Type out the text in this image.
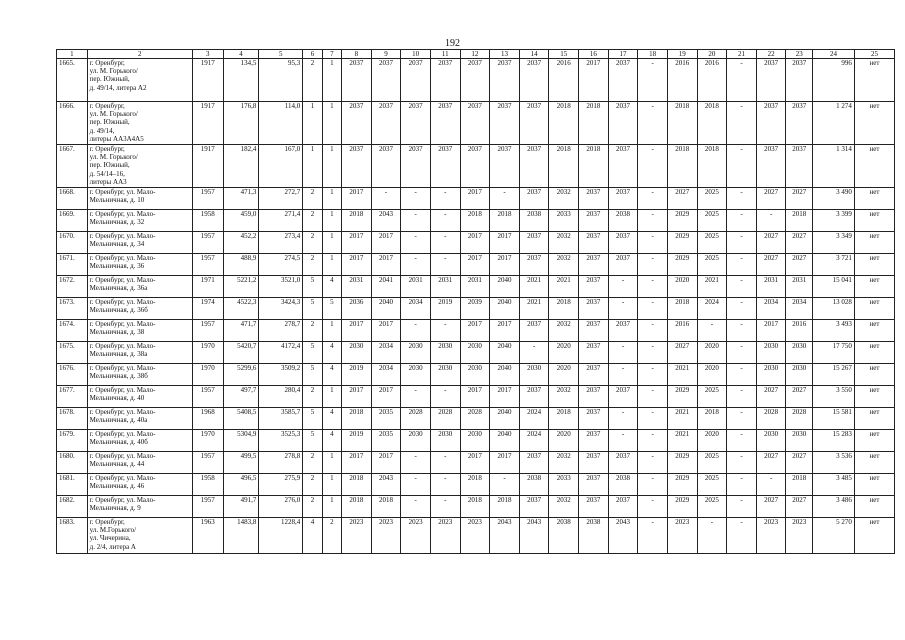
192
1	2	3	4	5	6	7	8	9	10	11	12	13	14	15	16	17	18	19	20	21	22	23	24	25
1665.	г. Оренбург,
ул. М. Горького/
пер. Южный,
д. 49/14, литера А2	1917	134,5	95,3	2	1	2037	2037	2037	2037	2037	2037	2037	2016	2017	2037	-	2016	2016	-	2037	2037	996	нет
1666.	г. Оренбург,
ул. М. Горького/
пер. Южный,
д. 49/14,
литеры АА3А4А5	1917	176,8	114,0	1	1	2037	2037	2037	2037	2037	2037	2037	2018	2018	2037	-	2018	2018	-	2037	2037	1 274	нет
1667.	г. Оренбург,
ул. М. Горького/
пер. Южный,
д. 54/14–16,
литеры АА3	1917	182,4	167,0	1	1	2037	2037	2037	2037	2037	2037	2037	2018	2018	2037	-	2018	2018	-	2037	2037	1 314	нет
1668.	г. Оренбург, ул. Мало-
Мельничная, д. 10	1957	471,3	272,7	2	1	2017	-	-	-	2017	-	2037	2032	2037	2037	-	2027	2025	-	2027	2027	3 490	нет
1669.	г. Оренбург, ул. Мало-
Мельничная, д. 32	1958	459,0	271,4	2	1	2018	2043	-	-	2018	2018	2038	2033	2037	2038	-	2029	2025	-	-	2018	3 399	нет
1670.	г. Оренбург, ул. Мало-
Мельничная, д. 34	1957	452,2	273,4	2	1	2017	2017	-	-	2017	2017	2037	2032	2037	2037	-	2029	2025	-	2027	2027	3 349	нет
1671.	г. Оренбург, ул. Мало-
Мельничная, д. 36	1957	488,9	274,5	2	1	2017	2017	-	-	2017	2017	2037	2032	2037	2037	-	2029	2025	-	2027	2027	3 721	нет
1672.	г. Оренбург, ул. Мало-
Мельничная, д. 36а	1971	5221,2	3521,0	5	4	2031	2041	2031	2031	2031	2040	2021	2021	2037	-	-	2020	2021	-	2031	2031	15 041	нет
1673.	г. Оренбург, ул. Мало-
Мельничная, д. 36б	1974	4522,3	3424,3	5	5	2036	2040	2034	2019	2039	2040	2021	2018	2037	-	-	2018	2024	-	2034	2034	13 028	нет
1674.	г. Оренбург, ул. Мало-
Мельничная, д. 38	1957	471,7	278,7	2	1	2017	2017	-	-	2017	2017	2037	2032	2037	2037	-	2016	-	-	2017	2016	3 493	нет
1675.	г. Оренбург, ул. Мало-
Мельничная, д. 38а	1970	5420,7	4172,4	5	4	2030	2034	2030	2030	2030	2040	-	2020	2037	-	-	2027	2020	-	2030	2030	17 750	нет
1676.	г. Оренбург, ул. Мало-
Мельничная, д. 38б	1970	5299,6	3509,2	5	4	2019	2034	2030	2030	2030	2040	2030	2020	2037	-	-	2021	2020	-	2030	2030	15 267	нет
1677.	г. Оренбург, ул. Мало-
Мельничная, д. 40	1957	497,7	280,4	2	1	2017	2017	-	-	2017	2017	2037	2032	2037	2037	-	2029	2025	-	2027	2027	3 550	нет
1678.	г. Оренбург, ул. Мало-
Мельничная, д. 40а	1968	5408,5	3585,7	5	4	2018	2035	2028	2028	2028	2040	2024	2018	2037	-	-	2021	2018	-	2028	2028	15 581	нет
1679.	г. Оренбург, ул. Мало-
Мельничная, д. 40б	1970	5304,9	3525,3	5	4	2019	2035	2030	2030	2030	2040	2024	2020	2037	-	-	2021	2020	-	2030	2030	15 283	нет
1680.	г. Оренбург, ул. Мало-
Мельничная, д. 44	1957	499,5	278,8	2	1	2017	2017	-	-	2017	2017	2037	2032	2037	2037	-	2029	2025	-	2027	2027	3 536	нет
1681.	г. Оренбург, ул. Мало-
Мельничная, д. 46	1958	496,5	275,9	2	1	2018	2043	-	-	2018	-	2038	2033	2037	2038	-	2029	2025	-	-	2018	3 485	нет
1682.	г. Оренбург, ул. Мало-
Мельничная, д. 9	1957	491,7	276,0	2	1	2018	2018	-	-	2018	2018	2037	2032	2037	2037	-	2029	2025	-	2027	2027	3 486	нет
1683.	г. Оренбург,
ул. М.Горького/
ул. Чичерина,
д. 2/4, литера А	1963	1483,8	1228,4	4	2	2023	2023	2023	2023	2023	2043	2043	2038	2038	2043	-	2023	-	-	2023	2023	5 270	нет
